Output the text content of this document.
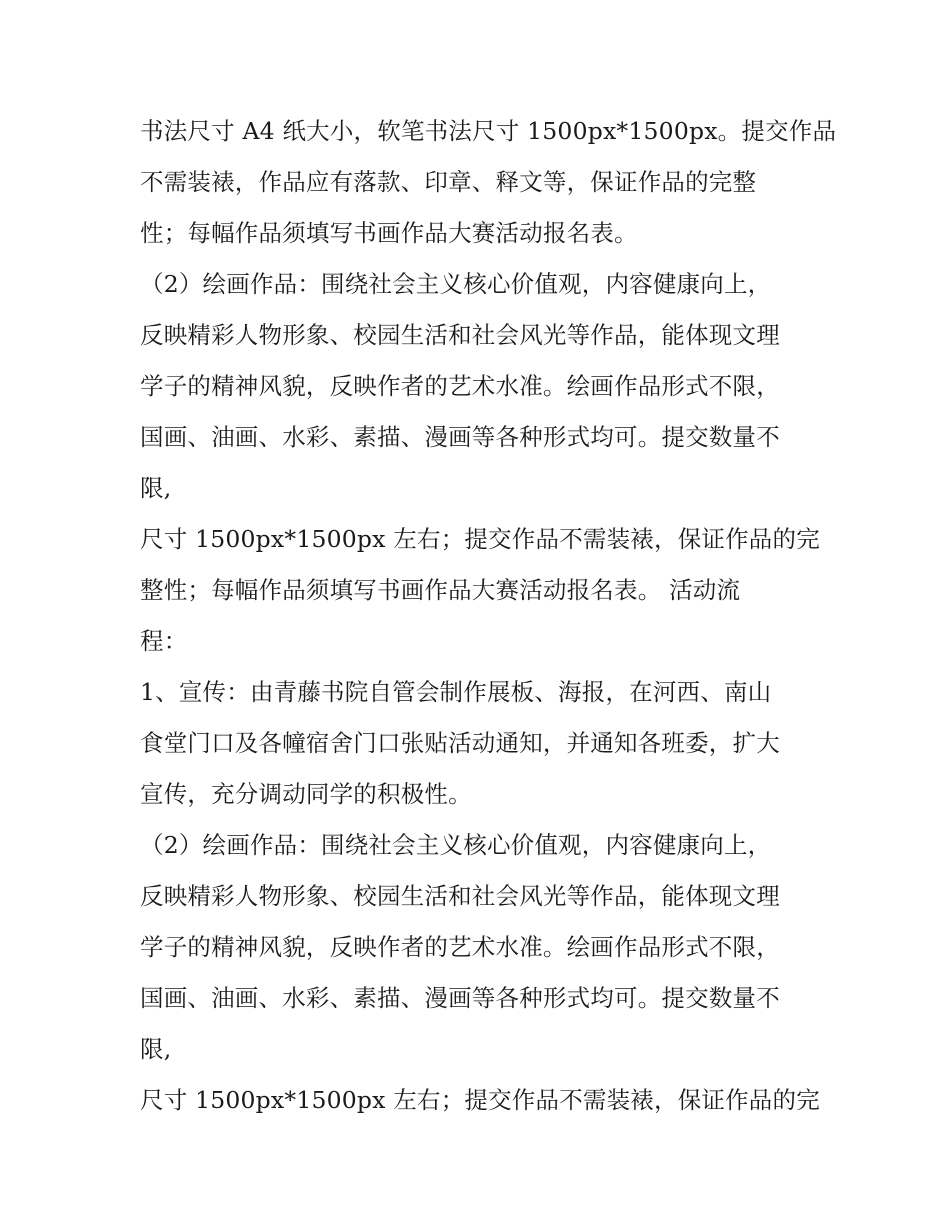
书法尺寸 A4 纸大小，软笔书法尺寸 1500px*1500px。提交作品
不需装裱，作品应有落款、印章、释文等，保证作品的完整
性；每幅作品须填写书画作品大赛活动报名表。
（2）绘画作品：围绕社会主义核心价值观，内容健康向上，
反映精彩人物形象、校园生活和社会风光等作品，能体现文理
学子的精神风貌，反映作者的艺术水准。绘画作品形式不限，
国画、油画、水彩、素描、漫画等各种形式均可。提交数量不
限,
尺寸 1500px*1500px 左右；提交作品不需装裱，保证作品的完
整性；每幅作品须填写书画作品大赛活动报名表。 活动流
程：
1、宣传：由青藤书院自管会制作展板、海报，在河西、南山
食堂门口及各幢宿舍门口张贴活动通知，并通知各班委，扩大
宣传，充分调动同学的积极性。
（2）绘画作品：围绕社会主义核心价值观，内容健康向上，
反映精彩人物形象、校园生活和社会风光等作品，能体现文理
学子的精神风貌，反映作者的艺术水准。绘画作品形式不限，
国画、油画、水彩、素描、漫画等各种形式均可。提交数量不
限,
尺寸 1500px*1500px 左右；提交作品不需装裱，保证作品的完
